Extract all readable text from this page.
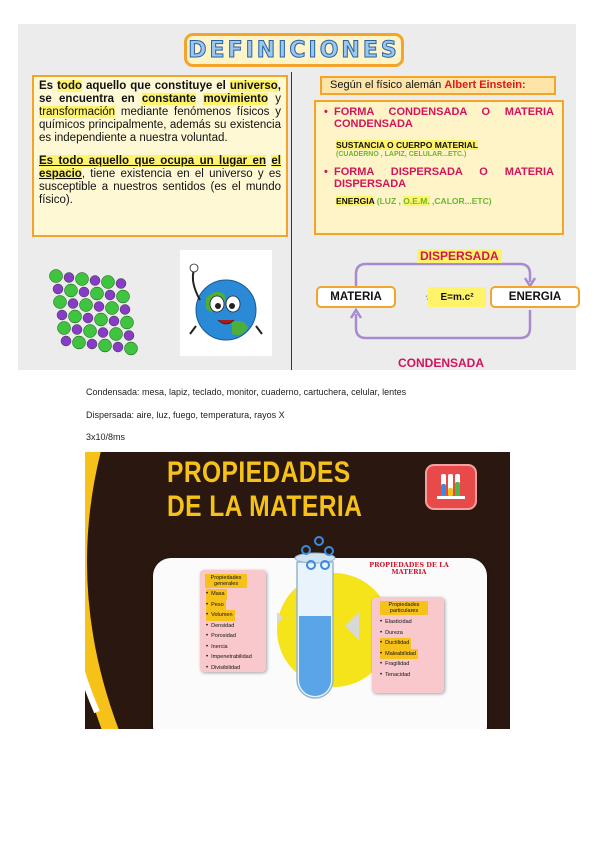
DEFINICIONES

Es todo aquello que constituye el universo, se encuentra en constante movimiento y transformación mediante fenómenos físicos y químicos principalmente, además su existencia es independiente a nuestra voluntad.

Es todo aquello que ocupa un lugar en el espacio, tiene existencia en el universo y es susceptible a nuestros sentidos (es el mundo físico).

Según el físico alemán Albert Einstein:
• FORMA CONDENSADA O MATERIA CONDENSADA
SUSTANCIA O CUERPO MATERIAL
(CUADERNO , LAPIZ, CELULAR...ETC.)
• FORMA DISPERSADA O MATERIA DISPERSADA
ENERGIA (LUZ , O.E.M. ,CALOR...ETC)
DISPERSADA
MATERIA	E=m.c²	ENERGIA
CONDENSADA
Condensada: mesa, lapiz, teclado, monitor, cuaderno, cartuchera, celular, lentes
Dispersada: aire, luz, fuego, temperatura, rayos X
3x10/8ms
PROPIEDADES
DE LA MATERIA
PROPIEDADES DE LA MATERIA
Propiedades generales
• Masa
• Peso
• Volumen
• Densidad
• Porosidad
• Inercia
• Impenetrabilidad
• Divisibilidad
Propiedades particulares
• Elasticidad
• Dureza
• Ductilidad
• Maleabilidad
• Fragilidad
• Tenacidad
